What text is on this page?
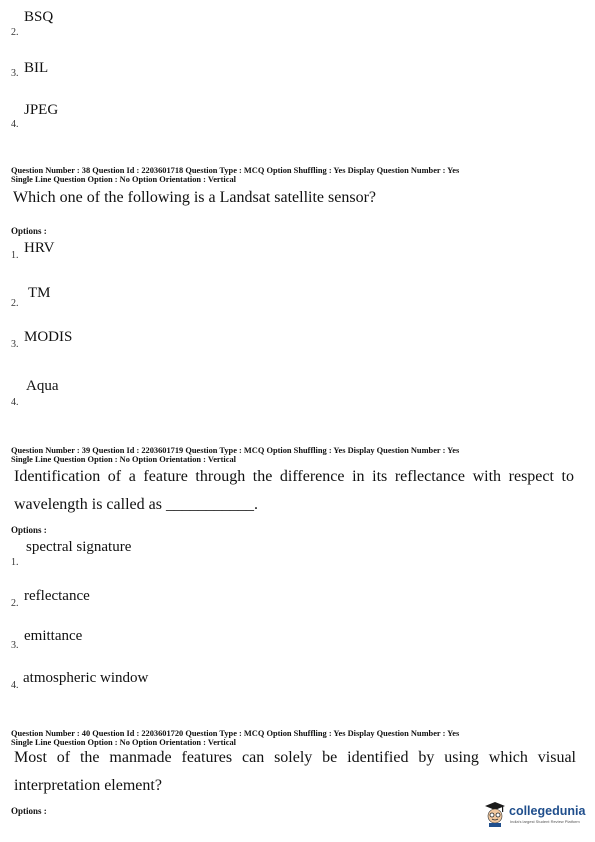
BSQ
2.
3. BIL
JPEG
4.
Question Number : 38 Question Id : 2203601718 Question Type : MCQ Option Shuffling : Yes Display Question Number : Yes
Single Line Question Option : No Option Orientation : Vertical
Which one of the following is a Landsat satellite sensor?
Options :
1. HRV
TM
2.
3. MODIS
Aqua
4.
Question Number : 39 Question Id : 2203601719 Question Type : MCQ Option Shuffling : Yes Display Question Number : Yes
Single Line Question Option : No Option Orientation : Vertical
Identification of a feature through the difference in its reflectance with respect to
wavelength is called as ___________.
Options :
spectral signature
1.
2. reflectance
emittance
3.
4. atmospheric window
Question Number : 40 Question Id : 2203601720 Question Type : MCQ Option Shuffling : Yes Display Question Number : Yes
Single Line Question Option : No Option Orientation : Vertical
Most of the manmade features can solely be identified by using which visual
interpretation element?
Options :	collegedunia
India's largest Student Review Platform
